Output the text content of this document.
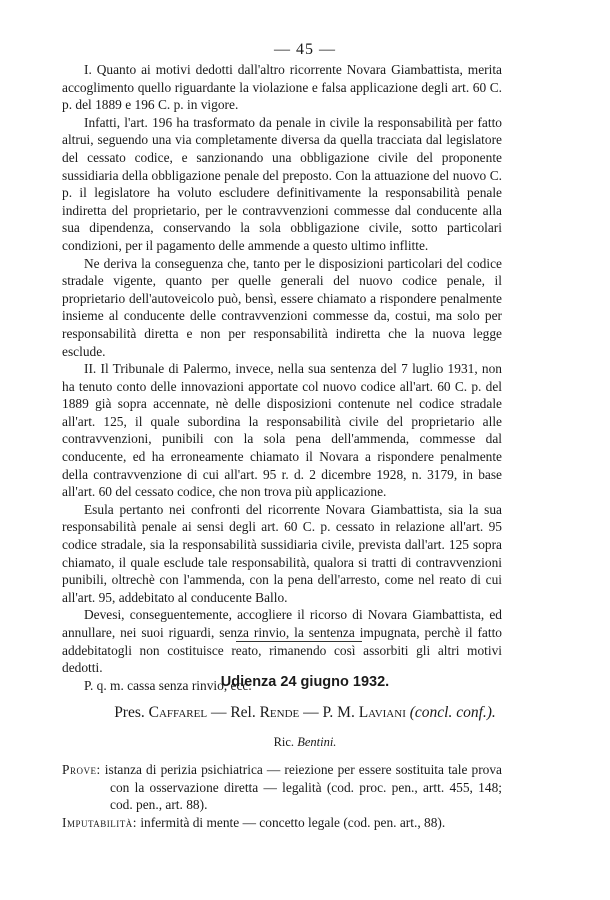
— 45 —

I. Quanto ai motivi dedotti dall'altro ricorrente Novara Giambattista, merita accoglimento quello riguardante la violazione e falsa applicazione degli art. 60 C. p. del 1889 e 196 C. p. in vigore.

Infatti, l'art. 196 ha trasformato da penale in civile la responsabilità per fatto altrui, seguendo una via completamente diversa da quella tracciata dal legislatore del cessato codice, e sanzionando una obbligazione civile del proponente sussidiaria della obbligazione penale del preposto. Con la attuazione del nuovo C. p. il legislatore ha voluto escludere definitivamente la responsabilità penale indiretta del proprietario, per le contravvenzioni commesse dal conducente alla sua dipendenza, conservando la sola obbligazione civile, sotto particolari condizioni, per il pagamento delle ammende a questo ultimo inflitte.

Ne deriva la conseguenza che, tanto per le disposizioni particolari del codice stradale vigente, quanto per quelle generali del nuovo codice penale, il proprietario dell'autoveicolo può, bensì, essere chiamato a rispondere penalmente insieme al conducente delle contravvenzioni commesse da, costui, ma solo per responsabilità diretta e non per responsabilità indiretta che la nuova legge esclude.

II. Il Tribunale di Palermo, invece, nella sua sentenza del 7 luglio 1931, non ha tenuto conto delle innovazioni apportate col nuovo codice all'art. 60 C. p. del 1889 già sopra accennate, nè delle disposizioni contenute nel codice stradale all'art. 125, il quale subordina la responsabilità civile del proprietario alle contravvenzioni, punibili con la sola pena dell'ammenda, commesse dal conducente, ed ha erroneamente chiamato il Novara a rispondere penalmente della contravvenzione di cui all'art. 95 r. d. 2 dicembre 1928, n. 3179, in base all'art. 60 del cessato codice, che non trova più applicazione.

Esula pertanto nei confronti del ricorrente Novara Giambattista, sia la sua responsabilità penale ai sensi degli art. 60 C. p. cessato in relazione all'art. 95 codice stradale, sia la responsabilità sussidiaria civile, prevista dall'art. 125 sopra chiamato, il quale esclude tale responsabilità, qualora si tratti di contravvenzioni punibili, oltrechè con l'ammenda, con la pena dell'arresto, come nel reato di cui all'art. 95, addebitato al conducente Ballo.

Devesi, conseguentemente, accogliere il ricorso di Novara Giambattista, ed annullare, nei suoi riguardi, senza rinvio, la sentenza impugnata, perchè il fatto addebitatogli non costituisce reato, rimanendo così assorbiti gli altri motivi dedotti.

P. q. m. cassa senza rinvio, ecc.

Udienza 24 giugno 1932.
Pres. Caffarel — Rel. Rende — P. M. Laviani (concl. conf.).
Ric. Bentini.
Prove: istanza di perizia psichiatrica — reiezione per essere sostituita tale prova con la osservazione diretta — legalità (cod. proc. pen., artt. 455, 148; cod. pen., art. 88).
Imputabilità: infermità di mente — concetto legale (cod. pen. art., 88).
